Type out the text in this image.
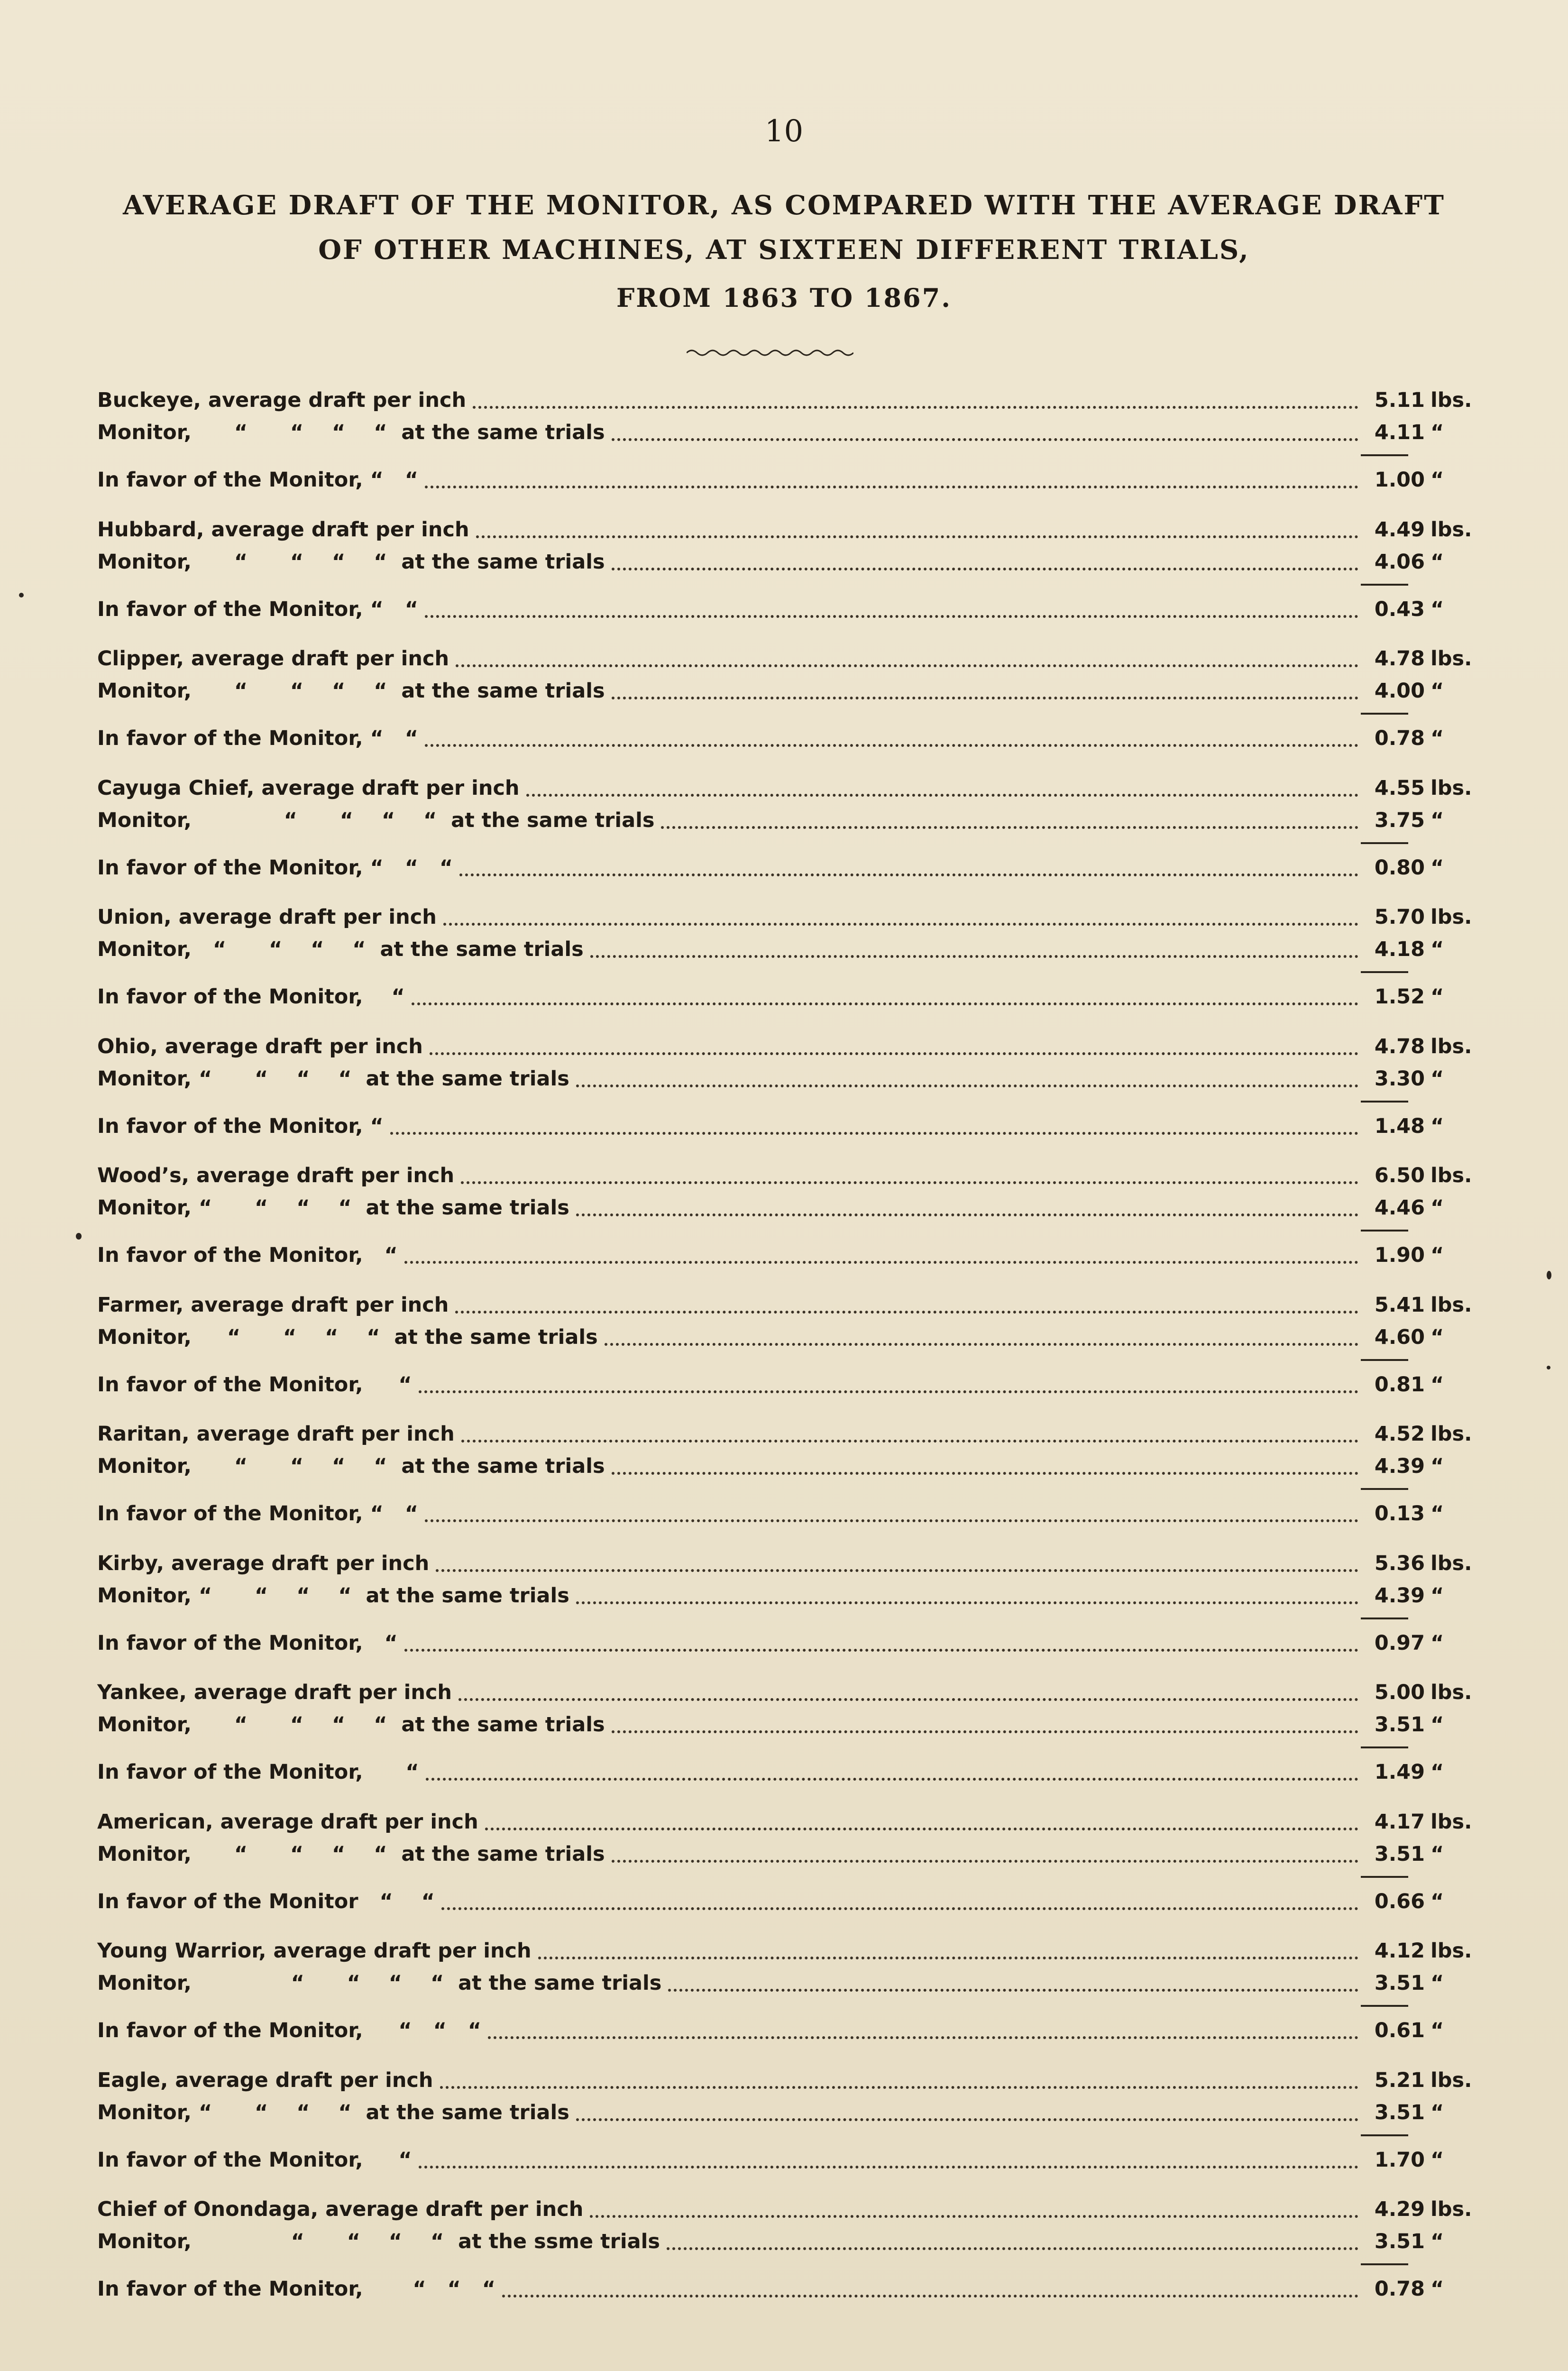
10
AVERAGE DRAFT OF THE MONITOR, AS COMPARED WITH THE AVERAGE DRAFT
OF OTHER MACHINES, AT SIXTEEN DIFFERENT TRIALS,
FROM 1863 TO 1867.
Buckeye, average draft per inch	5.11 lbs.
Monitor,      “      “    “    “  at the same trials	4.11 “
In favor of the Monitor, “   “	1.00 “
Hubbard, average draft per inch	4.49 lbs.
Monitor,      “      “    “    “  at the same trials	4.06 “
In favor of the Monitor, “   “	0.43 “
Clipper, average draft per inch	4.78 lbs.
Monitor,      “      “    “    “  at the same trials	4.00 “
In favor of the Monitor, “   “	0.78 “
Cayuga Chief, average draft per inch	4.55 lbs.
Monitor,             “      “    “    “  at the same trials	3.75 “
In favor of the Monitor, “   “   “	0.80 “
Union, average draft per inch	5.70 lbs.
Monitor,   “      “    “    “  at the same trials	4.18 “
In favor of the Monitor,    “	1.52 “
Ohio, average draft per inch	4.78 lbs.
Monitor, “      “    “    “  at the same trials	3.30 “
In favor of the Monitor, “	1.48 “
Wood’s, average draft per inch	6.50 lbs.
Monitor, “      “    “    “  at the same trials	4.46 “
In favor of the Monitor,   “	1.90 “
Farmer, average draft per inch	5.41 lbs.
Monitor,     “      “    “    “  at the same trials	4.60 “
In favor of the Monitor,     “	0.81 “
Raritan, average draft per inch	4.52 lbs.
Monitor,      “      “    “    “  at the same trials	4.39 “
In favor of the Monitor, “   “	0.13 “
Kirby, average draft per inch	5.36 lbs.
Monitor, “      “    “    “  at the same trials	4.39 “
In favor of the Monitor,   “	0.97 “
Yankee, average draft per inch	5.00 lbs.
Monitor,      “      “    “    “  at the same trials	3.51 “
In favor of the Monitor,      “	1.49 “
American, average draft per inch	4.17 lbs.
Monitor,      “      “    “    “  at the same trials	3.51 “
In favor of the Monitor   “    “	0.66 “
Young Warrior, average draft per inch	4.12 lbs.
Monitor,              “      “    “    “  at the same trials	3.51 “
In favor of the Monitor,     “   “   “	0.61 “
Eagle, average draft per inch	5.21 lbs.
Monitor, “      “    “    “  at the same trials	3.51 “
In favor of the Monitor,     “	1.70 “
Chief of Onondaga, average draft per inch	4.29 lbs.
Monitor,              “      “    “    “  at the ssme trials	3.51 “
In favor of the Monitor,       “   “   “	0.78 “
